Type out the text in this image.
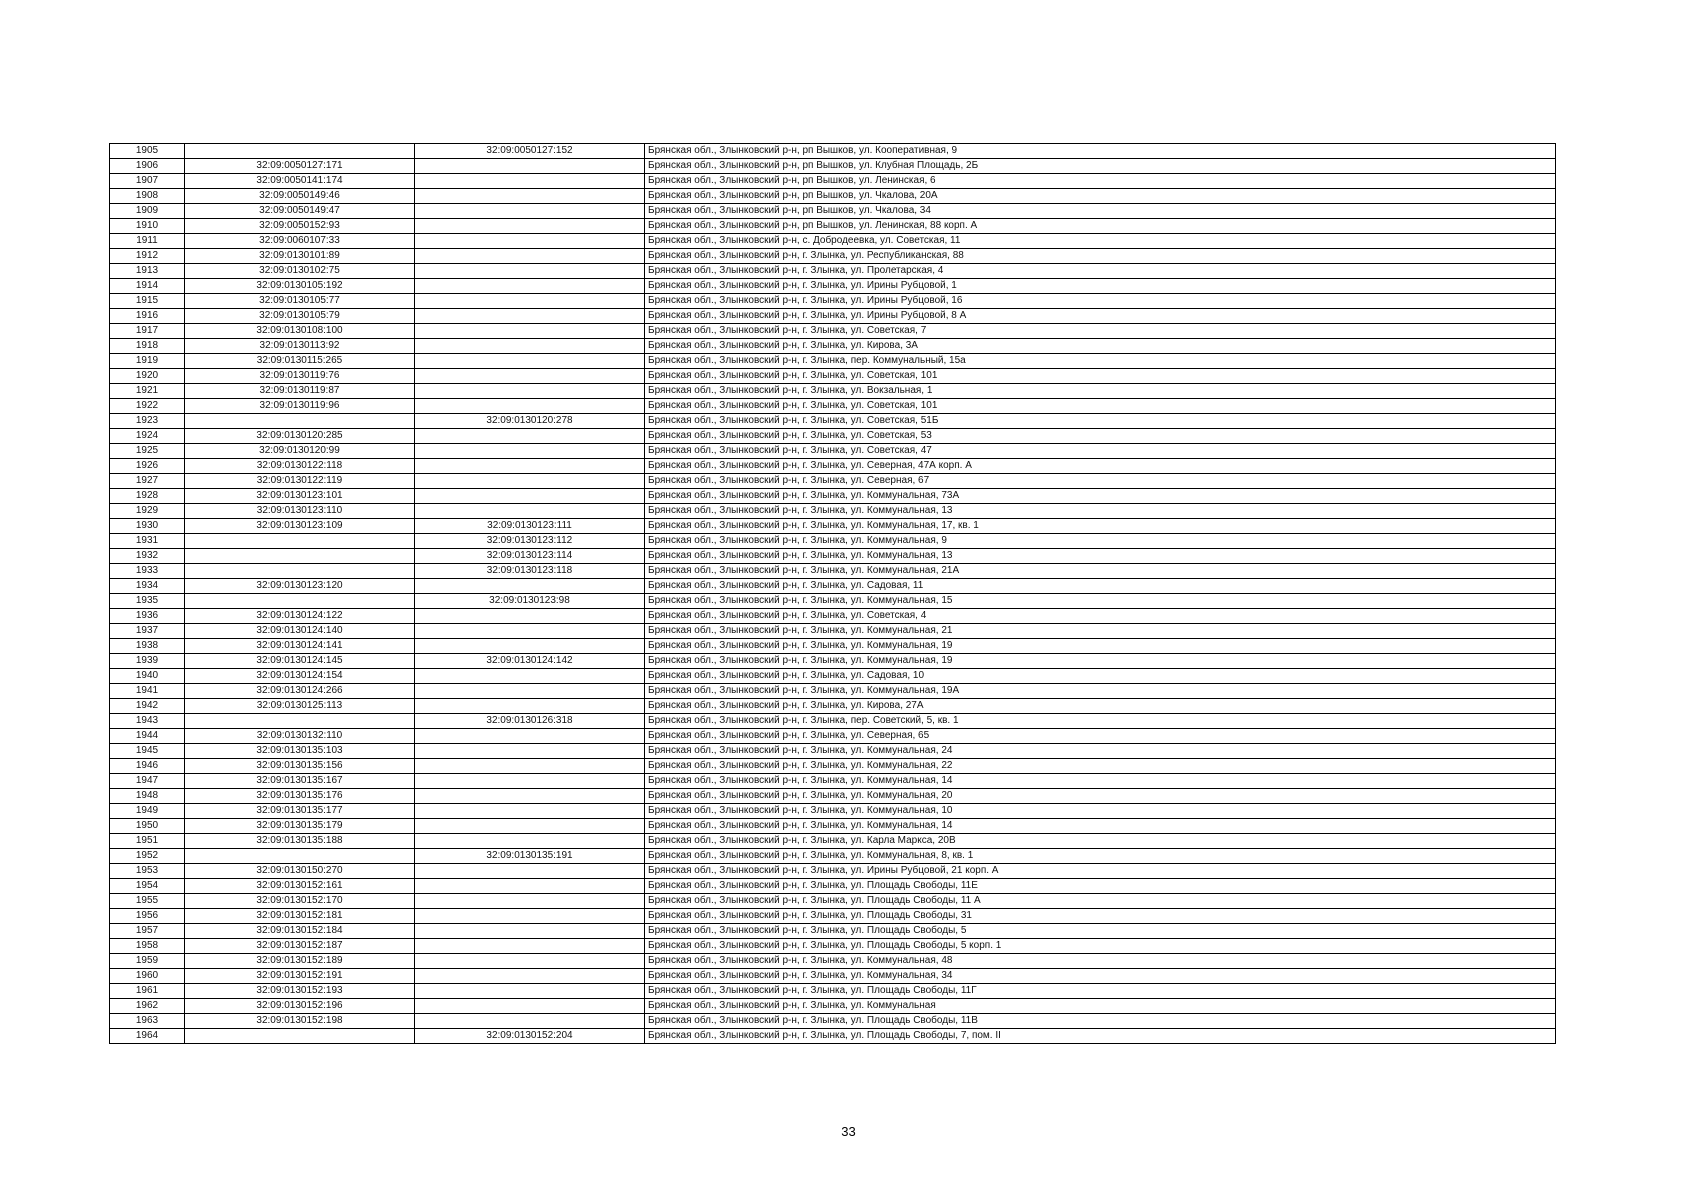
1905		32:09:0050127:152	Брянская обл., Злынковский р-н, рп Вышков, ул. Кооперативная, 9
1906	32:09:0050127:171		Брянская обл., Злынковский р-н, рп Вышков, ул. Клубная Площадь, 2Б
1907	32:09:0050141:174		Брянская обл., Злынковский р-н, рп Вышков, ул. Ленинская, 6
1908	32:09:0050149:46		Брянская обл., Злынковский р-н, рп Вышков, ул. Чкалова, 20А
1909	32:09:0050149:47		Брянская обл., Злынковский р-н, рп Вышков, ул. Чкалова, 34
1910	32:09:0050152:93		Брянская обл., Злынковский р-н, рп Вышков, ул. Ленинская, 88 корп. А
1911	32:09:0060107:33		Брянская обл., Злынковский р-н, с. Добродеевка, ул. Советская, 11
1912	32:09:0130101:89		Брянская обл., Злынковский р-н, г. Злынка, ул. Республиканская, 88
1913	32:09:0130102:75		Брянская обл., Злынковский р-н, г. Злынка, ул. Пролетарская, 4
1914	32:09:0130105:192		Брянская обл., Злынковский р-н, г. Злынка, ул. Ирины Рубцовой, 1
1915	32:09:0130105:77		Брянская обл., Злынковский р-н, г. Злынка, ул. Ирины Рубцовой, 16
1916	32:09:0130105:79		Брянская обл., Злынковский р-н, г. Злынка, ул. Ирины Рубцовой, 8 А
1917	32:09:0130108:100		Брянская обл., Злынковский р-н, г. Злынка, ул. Советская, 7
1918	32:09:0130113:92		Брянская обл., Злынковский р-н, г. Злынка, ул. Кирова, 3А
1919	32:09:0130115:265		Брянская обл., Злынковский р-н, г. Злынка, пер. Коммунальный, 15а
1920	32:09:0130119:76		Брянская обл., Злынковский р-н, г. Злынка, ул. Советская, 101
1921	32:09:0130119:87		Брянская обл., Злынковский р-н, г. Злынка, ул. Вокзальная, 1
1922	32:09:0130119:96		Брянская обл., Злынковский р-н, г. Злынка, ул. Советская, 101
1923		32:09:0130120:278	Брянская обл., Злынковский р-н, г. Злынка, ул. Советская, 51Б
1924	32:09:0130120:285		Брянская обл., Злынковский р-н, г. Злынка, ул. Советская, 53
1925	32:09:0130120:99		Брянская обл., Злынковский р-н, г. Злынка, ул. Советская, 47
1926	32:09:0130122:118		Брянская обл., Злынковский р-н, г. Злынка, ул. Северная, 47А корп. А
1927	32:09:0130122:119		Брянская обл., Злынковский р-н, г. Злынка, ул. Северная, 67
1928	32:09:0130123:101		Брянская обл., Злынковский р-н, г. Злынка, ул. Коммунальная, 73А
1929	32:09:0130123:110		Брянская обл., Злынковский р-н, г. Злынка, ул. Коммунальная, 13
1930	32:09:0130123:109	32:09:0130123:111	Брянская обл., Злынковский р-н, г. Злынка, ул. Коммунальная, 17, кв. 1
1931		32:09:0130123:112	Брянская обл., Злынковский р-н, г. Злынка, ул. Коммунальная, 9
1932		32:09:0130123:114	Брянская обл., Злынковский р-н, г. Злынка, ул. Коммунальная, 13
1933		32:09:0130123:118	Брянская обл., Злынковский р-н, г. Злынка, ул. Коммунальная, 21А
1934	32:09:0130123:120		Брянская обл., Злынковский р-н, г. Злынка, ул. Садовая, 11
1935		32:09:0130123:98	Брянская обл., Злынковский р-н, г. Злынка, ул. Коммунальная, 15
1936	32:09:0130124:122		Брянская обл., Злынковский р-н, г. Злынка, ул. Советская, 4
1937	32:09:0130124:140		Брянская обл., Злынковский р-н, г. Злынка, ул. Коммунальная, 21
1938	32:09:0130124:141		Брянская обл., Злынковский р-н, г. Злынка, ул. Коммунальная, 19
1939	32:09:0130124:145	32:09:0130124:142	Брянская обл., Злынковский р-н, г. Злынка, ул. Коммунальная, 19
1940	32:09:0130124:154		Брянская обл., Злынковский р-н, г. Злынка, ул. Садовая, 10
1941	32:09:0130124:266		Брянская обл., Злынковский р-н, г. Злынка, ул. Коммунальная, 19А
1942	32:09:0130125:113		Брянская обл., Злынковский р-н, г. Злынка, ул. Кирова, 27А
1943		32:09:0130126:318	Брянская обл., Злынковский р-н, г. Злынка, пер. Советский, 5, кв. 1
1944	32:09:0130132:110		Брянская обл., Злынковский р-н, г. Злынка, ул. Северная, 65
1945	32:09:0130135:103		Брянская обл., Злынковский р-н, г. Злынка, ул. Коммунальная, 24
1946	32:09:0130135:156		Брянская обл., Злынковский р-н, г. Злынка, ул. Коммунальная, 22
1947	32:09:0130135:167		Брянская обл., Злынковский р-н, г. Злынка, ул. Коммунальная, 14
1948	32:09:0130135:176		Брянская обл., Злынковский р-н, г. Злынка, ул. Коммунальная, 20
1949	32:09:0130135:177		Брянская обл., Злынковский р-н, г. Злынка, ул. Коммунальная, 10
1950	32:09:0130135:179		Брянская обл., Злынковский р-н, г. Злынка, ул. Коммунальная, 14
1951	32:09:0130135:188		Брянская обл., Злынковский р-н, г. Злынка, ул. Карла Маркса, 20В
1952		32:09:0130135:191	Брянская обл., Злынковский р-н, г. Злынка, ул. Коммунальная, 8, кв. 1
1953	32:09:0130150:270		Брянская обл., Злынковский р-н, г. Злынка, ул. Ирины Рубцовой, 21 корп. А
1954	32:09:0130152:161		Брянская обл., Злынковский р-н, г. Злынка, ул. Площадь Свободы, 11Е
1955	32:09:0130152:170		Брянская обл., Злынковский р-н, г. Злынка, ул. Площадь Свободы, 11 А
1956	32:09:0130152:181		Брянская обл., Злынковский р-н, г. Злынка, ул. Площадь Свободы, 31
1957	32:09:0130152:184		Брянская обл., Злынковский р-н, г. Злынка, ул. Площадь Свободы, 5
1958	32:09:0130152:187		Брянская обл., Злынковский р-н, г. Злынка, ул. Площадь Свободы, 5 корп. 1
1959	32:09:0130152:189		Брянская обл., Злынковский р-н, г. Злынка, ул. Коммунальная, 48
1960	32:09:0130152:191		Брянская обл., Злынковский р-н, г. Злынка, ул. Коммунальная, 34
1961	32:09:0130152:193		Брянская обл., Злынковский р-н, г. Злынка, ул. Площадь Свободы, 11Г
1962	32:09:0130152:196		Брянская обл., Злынковский р-н, г. Злынка, ул. Коммунальная
1963	32:09:0130152:198		Брянская обл., Злынковский р-н, г. Злынка, ул. Площадь Свободы, 11В
1964		32:09:0130152:204	Брянская обл., Злынковский р-н, г. Злынка, ул. Площадь Свободы, 7, пом. II
33
